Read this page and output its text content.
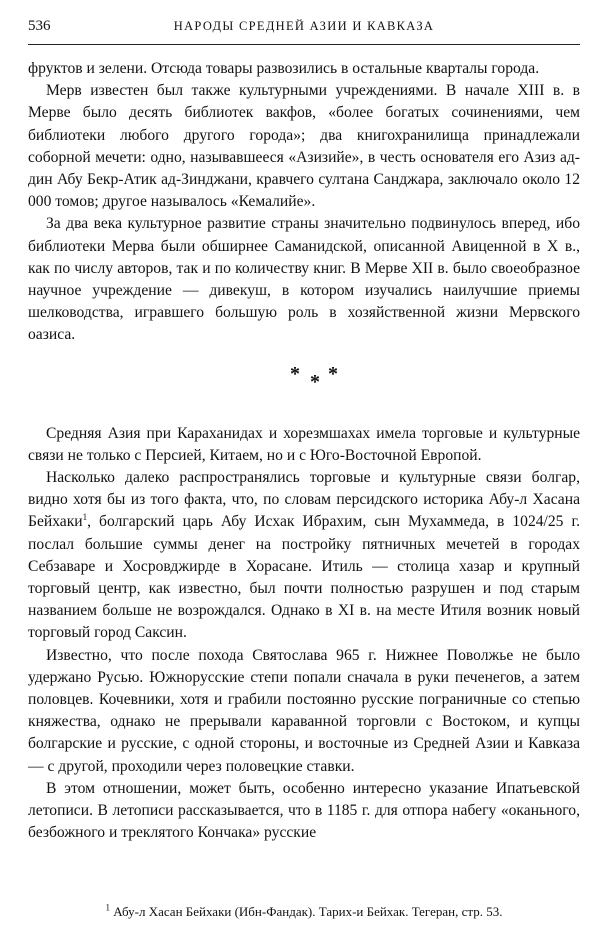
536	НАРОДЫ СРЕДНЕЙ АЗИИ И КАВКАЗА

фруктов и зелени. Отсюда товары развозились в остальные кварталы города.

Мерв известен был также культурными учреждениями. В начале XIII в. в Мерве было десять библиотек вакфов, «более богатых сочинениями, чем библиотеки любого другого города»; два книгохранилища принадлежали соборной мечети: одно, называвшееся «Азизийе», в честь основателя его Азиз ад-дин Абу Бекр-Атик ад-Зинджани, кравчего султана Санджара, заключало около 12 000 томов; другое называлось «Кемалийе».

За два века культурное развитие страны значительно подвинулось вперед, ибо библиотеки Мерва были обширнее Саманидской, описанной Авиценной в X в., как по числу авторов, так и по количеству книг. В Мерве XII в. было своеобразное научное учреждение — дивекуш, в котором изучались наилучшие приемы шелководства, игравшего большую роль в хозяйственной жизни Мервского оазиса.

* * *

Средняя Азия при Караханидах и хорезмшахах имела торговые и культурные связи не только с Персией, Китаем, но и с Юго-Восточной Европой.

Насколько далеко распространялись торговые и культурные связи болгар, видно хотя бы из того факта, что, по словам персидского историка Абу-л Хасана Бейхаки$^1$, болгарский царь Абу Исхак Ибрахим, сын Мухаммеда, в 1024/25 г. послал большие суммы денег на постройку пятничных мечетей в городах Себзаваре и Хосровджирде в Хорасане. Итиль — столица хазар и крупный торговый центр, как известно, был почти полностью разрушен и под старым названием больше не возрождался. Однако в XI в. на месте Итиля возник новый торговый город Саксин.

Известно, что после похода Святослава 965 г. Нижнее Поволжье не было удержано Русью. Южнорусские степи попали сначала в руки печенегов, а затем половцев. Кочевники, хотя и грабили постоянно русские пограничные со степью княжества, однако не прерывали караванной торговли с Востоком, и купцы болгарские и русские, с одной стороны, и восточные из Средней Азии и Кавказа — с другой, проходили через половецкие ставки.

В этом отношении, может быть, особенно интересно указание Ипатьевской летописи. В летописи рассказывается, что в 1185 г. для отпора набегу «оканьного, безбожного и треклятого Кончака» русские

$^1$ Абу-л Хасан Бейхаки (Ибн-Фандак). Тарих-и Бейхак. Тегеран, стр. 53.
